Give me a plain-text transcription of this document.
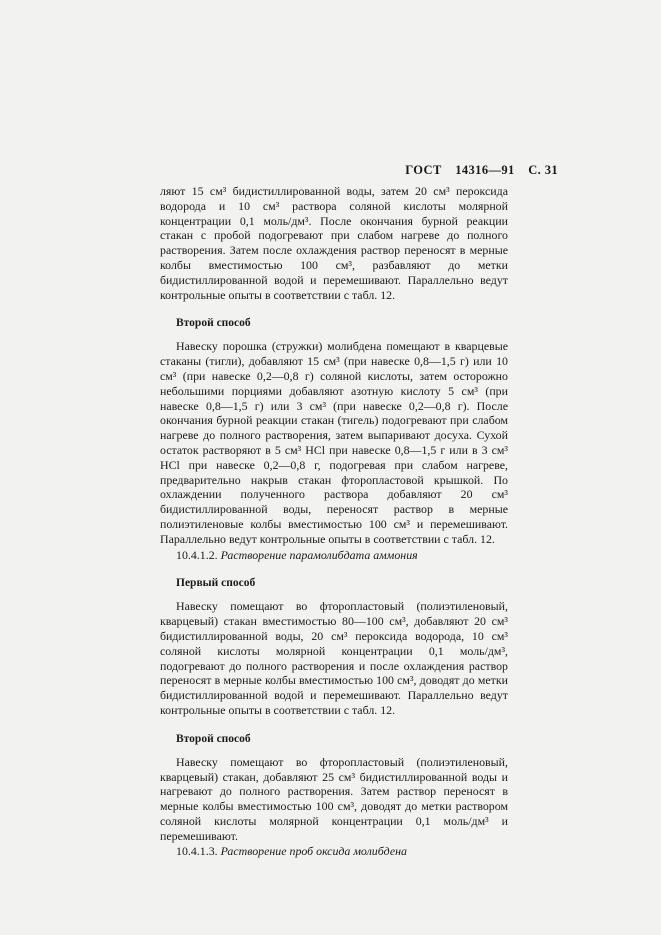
ГОСТ 14316—91 С. 31

ляют 15 см³ бидистиллированной воды, затем 20 см³ пероксида водорода и 10 см³ раствора соляной кислоты молярной концентрации 0,1 моль/дм³. После окончания бурной реакции стакан с пробой подогревают при слабом нагреве до полного растворения. Затем после охлаждения раствор переносят в мерные колбы вместимостью 100 см³, разбавляют до метки бидистиллированной водой и перемешивают. Параллельно ведут контрольные опыты в соответствии с табл. 12.

Второй способ

Навеску порошка (стружки) молибдена помещают в кварцевые стаканы (тигли), добавляют 15 см³ (при навеске 0,8—1,5 г) или 10 см³ (при навеске 0,2—0,8 г) соляной кислоты, затем осторожно небольшими порциями добавляют азотную кислоту 5 см³ (при навеске 0,8—1,5 г) или 3 см³ (при навеске 0,2—0,8 г). После окончания бурной реакции стакан (тигель) подогревают при слабом нагреве до полного растворения, затем выпаривают досуха. Сухой остаток растворяют в 5 см³ HCl при навеске 0,8—1,5 г или в 3 см³ HCl при навеске 0,2—0,8 г, подогревая при слабом нагреве, предварительно накрыв стакан фторопластовой крышкой. По охлаждении полученного раствора добавляют 20 см³ бидистиллированной воды, переносят раствор в мерные полиэтиленовые колбы вместимостью 100 см³ и перемешивают. Параллельно ведут контрольные опыты в соответствии с табл. 12.

10.4.1.2. Растворение парамолибдата аммония

Первый способ

Навеску помещают во фторопластовый (полиэтиленовый, кварцевый) стакан вместимостью 80—100 см³, добавляют 20 см³ бидистиллированной воды, 20 см³ пероксида водорода, 10 см³ соляной кислоты молярной концентрации 0,1 моль/дм³, подогревают до полного растворения и после охлаждения раствор переносят в мерные колбы вместимостью 100 см³, доводят до метки бидистиллированной водой и перемешивают. Параллельно ведут контрольные опыты в соответствии с табл. 12.

Второй способ

Навеску помещают во фторопластовый (полиэтиленовый, кварцевый) стакан, добавляют 25 см³ бидистиллированной воды и нагревают до полного растворения. Затем раствор переносят в мерные колбы вместимостью 100 см³, доводят до метки раствором соляной кислоты молярной концентрации 0,1 моль/дм³ и перемешивают.

10.4.1.3. Растворение проб оксида молибдена
